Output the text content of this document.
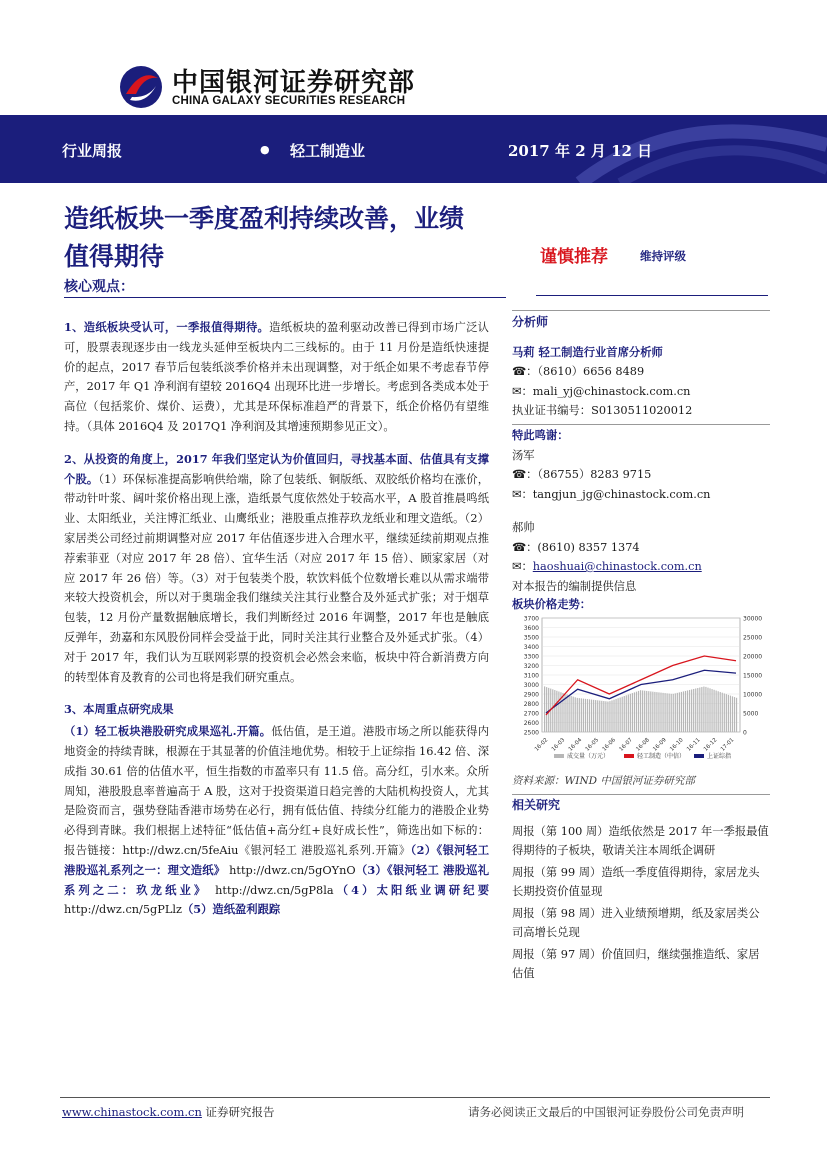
中国银河证券研究部
CHINA GALAXY SECURITIES RESEARCH
行业周报	● 轻工制造业	2017 年 2 月 12 日
造纸板块一季度盈利持续改善，业绩
值得期待	谨慎推荐	维持评级
核心观点：

1、造纸板块受认可，一季报值得期待。造纸板块的盈利驱动改善已得到市场广泛认可，股票表现逐步由一线龙头延伸至板块内二三线标的。由于 11 月份是造纸快速提价的起点，2017 春节后包装纸淡季价格并未出现调整，对于纸企如果不考虑春节停产，2017 年 Q1 净利润有望较 2016Q4 出现环比进一步增长。考虑到各类成本处于高位（包括浆价、煤价、运费），尤其是环保标准趋严的背景下，纸企价格仍有望维持。（具体 2016Q4 及 2017Q1 净利润及其增速预期参见正文）。

2、从投资的角度上，2017 年我们坚定认为价值回归，寻找基本面、估值具有支撑个股。（1）环保标准提高影响供给端，除了包装纸、铜版纸、双胶纸价格均在涨价，带动针叶浆、阔叶浆价格出现上涨，造纸景气度依然处于较高水平，A 股首推晨鸣纸业、太阳纸业，关注博汇纸业、山鹰纸业；港股重点推荐玖龙纸业和理文造纸。（2）家居类公司经过前期调整对应 2017 年估值逐步进入合理水平，继续延续前期观点推荐索菲亚（对应 2017 年 28 倍）、宜华生活（对应 2017 年 15 倍）、顾家家居（对应 2017 年 26 倍）等。（3）对于包装类个股，软饮料低个位数增长难以从需求端带来较大投资机会，所以对于奥瑞金我们继续关注其行业整合及外延式扩张；对于烟草包装，12 月份产量数据触底增长，我们判断经过 2016 年调整，2017 年也是触底反弹年，劲嘉和东风股份同样会受益于此，同时关注其行业整合及外延式扩张。（4）对于 2017 年，我们认为互联网彩票的投资机会必然会来临，板块中符合新消费方向的转型体育及教育的公司也将是我们研究重点。

3、本周重点研究成果

（1）轻工板块港股研究成果巡礼.开篇。低估值，是王道。港股市场之所以能获得内地资金的持续青睐，根源在于其显著的价值洼地优势。相较于上证综指 16.42 倍、深成指 30.61 倍的估值水平，恒生指数的市盈率只有 11.5 倍。高分红，引水来。众所周知，港股股息率普遍高于 A 股，这对于投资渠道日趋完善的大陆机构投资人，尤其是险资而言，强势登陆香港市场势在必行，拥有低估值、持续分红能力的港股企业势必得到青睐。我们根据上述特征“低估值+高分红+良好成长性”，筛选出如下标的：报告链接：http://dwz.cn/5feAiu《银河轻工 港股巡礼系列.开篇》（2）《银河轻工 港股巡礼系列之一：理文造纸》 http://dwz.cn/5gOYnO（3）《银河轻工 港股巡礼系列之二：玖龙纸业》 http://dwz.cn/5gP8la（4）太阳纸业调研纪要 http://dwz.cn/5gPLlz（5）造纸盈利跟踪

分析师
马莉 轻工制造行业首席分析师
☎：（8610）6656 8489
✉：mali_yj@chinastock.com.cn
执业证书编号：S0130511020012
特此鸣谢：
汤军
☎：（86755）8283 9715
✉：tangjun_jg@chinastock.com.cn
郝帅
☎：(8610) 8357 1374
✉：haoshuai@chinastock.com.cn
对本报告的编制提供信息
板块价格走势：
3700
3600
3500
3400
3300
3200
3100
3000
2900
2800
2700
2600
2500
30000
25000
20000
15000
10000
5000
0
16-02 16-03 16-04 16-05 16-06 16-07 16-08 16-09 16-10 16-11 16-12 17-01
成交量（万元）	轻工制造（中信）	上证综指
资料来源：WIND 中国银河证券研究部
相关研究
周报（第 100 周）造纸依然是 2017 年一季报最值得期待的子板块，敬请关注本周纸企调研
周报（第 99 周）造纸一季度值得期待，家居龙头长期投资价值显现
周报（第 98 周）进入业绩预增期，纸及家居类公司高增长兑现
周报（第 97 周）价值回归，继续强推造纸、家居估值
www.chinastock.com.cn 证券研究报告	请务必阅读正文最后的中国银河证券股份公司免责声明
